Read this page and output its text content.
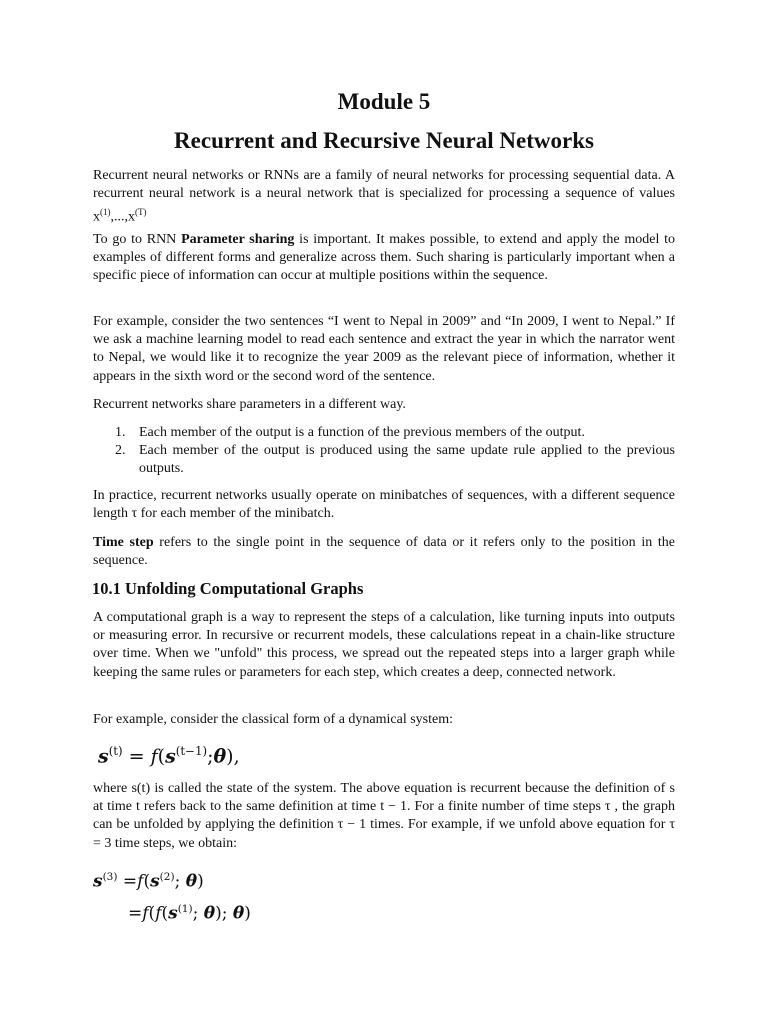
Module 5
Recurrent and Recursive Neural Networks

Recurrent neural networks or RNNs are a family of neural networks for processing sequential data. A recurrent neural network is a neural network that is specialized for processing a sequence of values $x^{(1)},...,x^{(T)}$

To go to RNN Parameter sharing is important. It makes possible, to extend and apply the model to examples of different forms and generalize across them. Such sharing is particularly important when a specific piece of information can occur at multiple positions within the sequence.

For example, consider the two sentences “I went to Nepal in 2009” and “In 2009, I went to Nepal.” If we ask a machine learning model to read each sentence and extract the year in which the narrator went to Nepal, we would like it to recognize the year 2009 as the relevant piece of information, whether it appears in the sixth word or the second word of the sentence.

Recurrent networks share parameters in a different way.

1. Each member of the output is a function of the previous members of the output.
2. Each member of the output is produced using the same update rule applied to the previous outputs.

In practice, recurrent networks usually operate on minibatches of sequences, with a different sequence length τ for each member of the minibatch.

Time step refers to the single point in the sequence of data or it refers only to the position in the sequence.

10.1 Unfolding Computational Graphs

A computational graph is a way to represent the steps of a calculation, like turning inputs into outputs or measuring error. In recursive or recurrent models, these calculations repeat in a chain-like structure over time. When we "unfold" this process, we spread out the repeated steps into a larger graph while keeping the same rules or parameters for each step, which creates a deep, connected network.

For example, consider the classical form of a dynamical system:

$s^{(t)}$ = $f(s^{(t-1)};\theta)$,

where s(t) is called the state of the system. The above equation is recurrent because the definition of s at time t refers back to the same definition at time t − 1. For a finite number of time steps τ , the graph can be unfolded by applying the definition τ − 1 times. For example, if we unfold above equation for τ = 3 time steps, we obtain:

$s^{(3)} =f(s^{(2)}$; θ)
$=f(f(s^{(1)}$; θ); θ)
